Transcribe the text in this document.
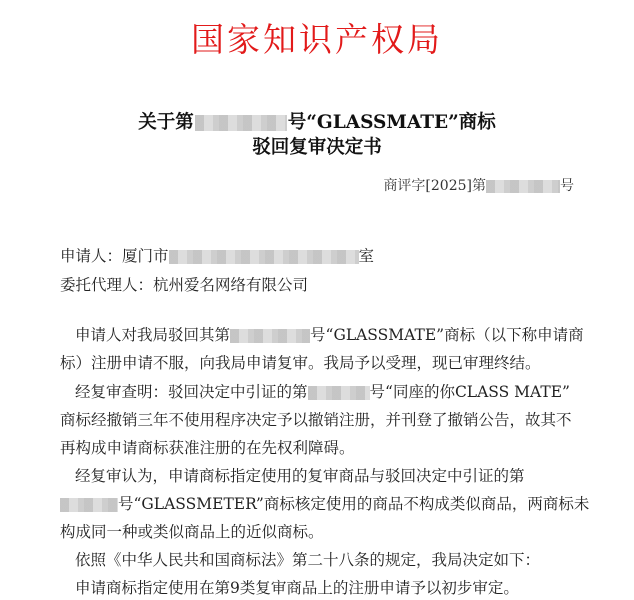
国家知识产权局
关于第	号“GLASSMATE”商标
驳回复审决定书
商评字[2025]第	号
申请人：厦门市	室
委托代理人：杭州爱名网络有限公司
申请人对我局驳回其第	号“GLASSMATE”商标（以下称申请商
标）注册申请不服，向我局申请复审。我局予以受理，现已审理终结。
经复审查明：驳回决定中引证的第	号“同座的你CLASS MATE”
商标经撤销三年不使用程序决定予以撤销注册，并刊登了撤销公告，故其不
再构成申请商标获准注册的在先权利障碍。
经复审认为，申请商标指定使用的复审商品与驳回决定中引证的第
号“GLASSMETER”商标核定使用的商品不构成类似商品，两商标未
构成同一种或类似商品上的近似商标。
依照《中华人民共和国商标法》第二十八条的规定，我局决定如下：
申请商标指定使用在第9类复审商品上的注册申请予以初步审定。
